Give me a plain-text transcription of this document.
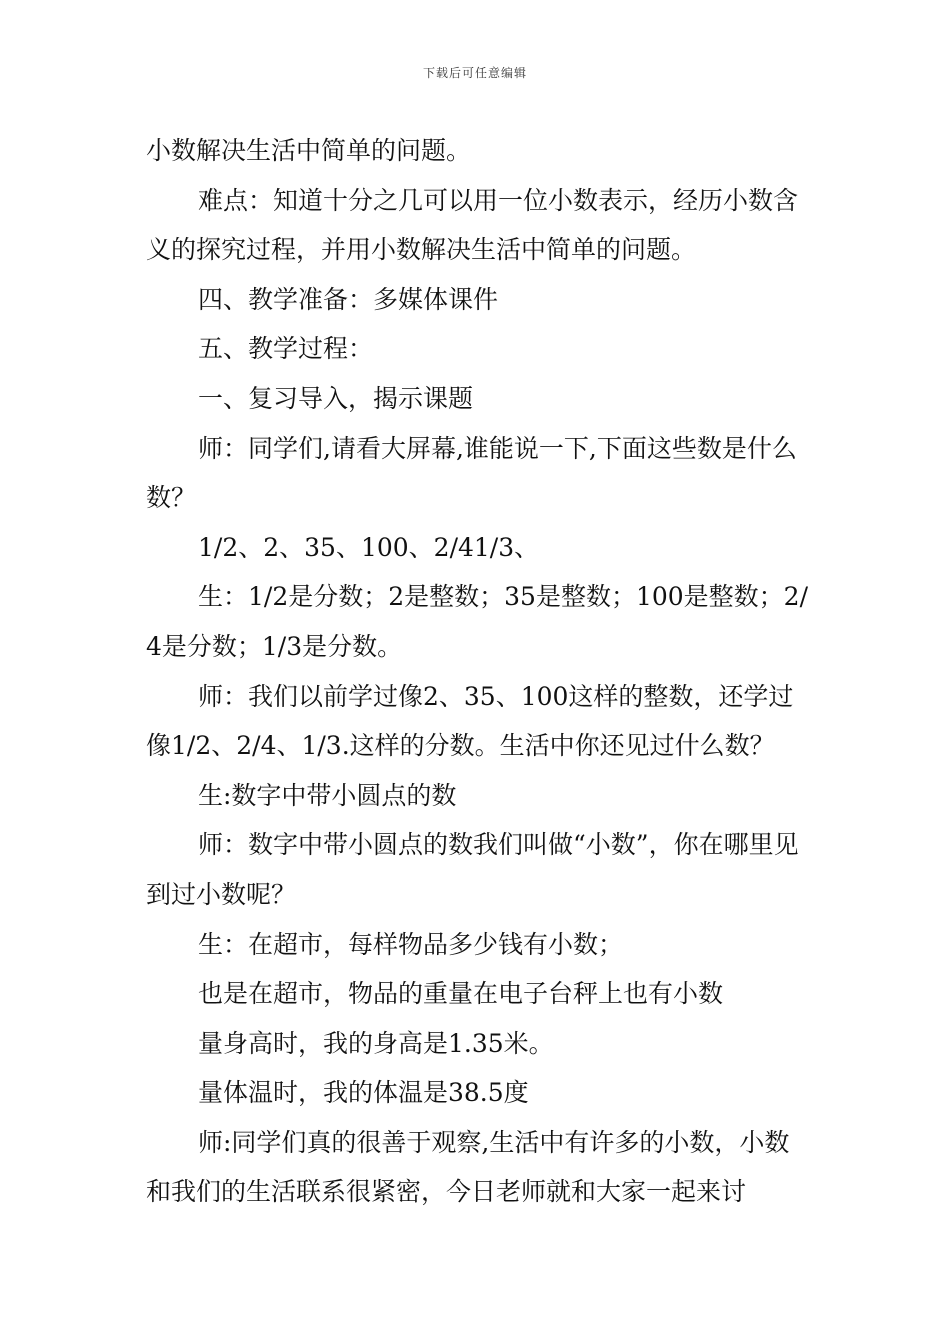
下载后可任意编辑

小数解决生活中简单的问题。

难点：知道十分之几可以用一位小数表示，经历小数含义的探究过程，并用小数解决生活中简单的问题。

四、教学准备：多媒体课件

五、教学过程：

一、复习导入，揭示课题

师：同学们,请看大屏幕,谁能说一下,下面这些数是什么数？

1/2、2、35、100、2/41/3、

生：1/2是分数；2是整数；35是整数；100是整数；2/4是分数；1/3是分数。

师：我们以前学过像2、35、100这样的整数，还学过像1/2、2/4、1/3.这样的分数。生活中你还见过什么数？

生:数字中带小圆点的数

师：数字中带小圆点的数我们叫做“小数”，你在哪里见到过小数呢？

生：在超市，每样物品多少钱有小数；

也是在超市，物品的重量在电子台秤上也有小数

量身高时，我的身高是1.35米。

量体温时，我的体温是38.5度

师:同学们真的很善于观察,生活中有许多的小数，小数和我们的生活联系很紧密，今日老师就和大家一起来讨
